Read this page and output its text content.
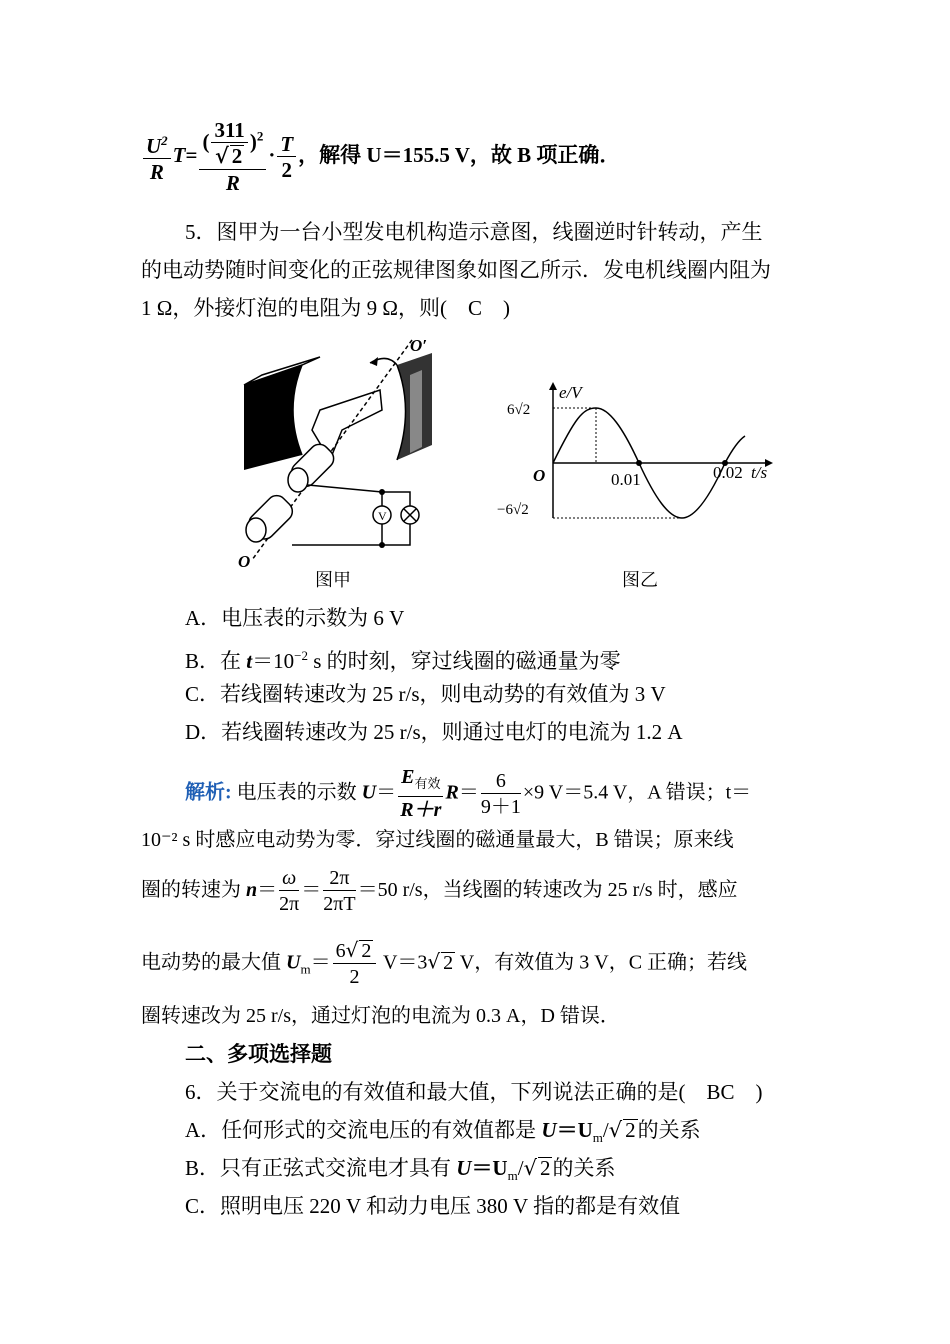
$\frac{U^2}{R} T= \frac{( \frac{311}{√ 2} )^2}{R} \cdot \frac{T}{2}$ ，解得 U＝155.5 V，故 B 项正确．
5．图甲为一台小型发电机构造示意图，线圈逆时针转动，产生
的电动势随时间变化的正弦规律图象如图乙所示．发电机线圈内阻为
1 Ω，外接灯泡的电阻为 9 Ω，则(　C　)
V
O′
O
图甲
e/V
t/s
O
6√2
−6√2
0.01	0.02
图乙
A．电压表的示数为 6 V
B．在 $t=10^{-2}$ s 的时刻，穿过线圈的磁通量为零
C．若线圈转速改为 25 r/s，则电动势的有效值为 3 V
D．若线圈转速改为 25 r/s，则通过电灯的电流为 1.2 A
解析: 电压表的示数 $U= \frac{E_{有效}}{R+r} R= \frac{6}{9+1} \times 9$ V＝5.4 V，A 错误；t＝
10⁻² s 时感应电动势为零．穿过线圈的磁通量最大，B 错误；原来线
圈的转速为 $n= \frac{\omega}{2\pi} = \frac{2\pi}{2\pi T} =50$ r/s，当线圈的转速改为 25 r/s 时，感应
电动势的最大值 $U_m= \frac{6√ 2}{2} V=3√$ 2 V，有效值为 3 V，C 正确；若线
圈转速改为 25 r/s，通过灯泡的电流为 0.3 A，D 错误．
二、多项选择题
6．关于交流电的有效值和最大值，下列说法正确的是(　BC　)
A．任何形式的交流电压的有效值都是 $U=U_m/√$ 2的关系
B．只有正弦式交流电才具有 $U=U_m/√$ 2的关系
C．照明电压 220 V 和动力电压 380 V 指的都是有效值
